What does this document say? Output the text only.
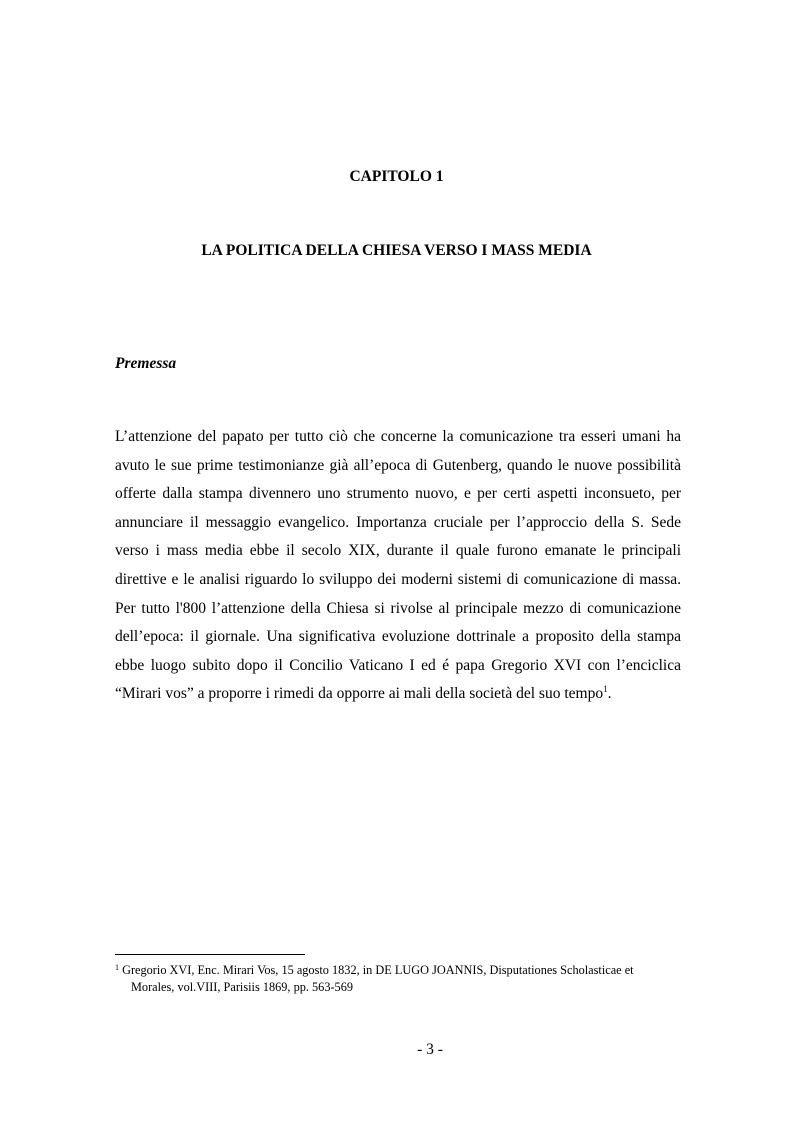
CAPITOLO 1
LA POLITICA DELLA CHIESA VERSO I MASS MEDIA
Premessa

L’attenzione del papato per tutto ciò che concerne la comunicazione tra esseri umani ha avuto le sue prime testimonianze già all’epoca di Gutenberg, quando le nuove possibilità offerte dalla stampa divennero uno strumento nuovo, e per certi aspetti inconsueto, per annunciare il messaggio evangelico. Importanza cruciale per l’approccio della S. Sede verso i mass media ebbe il secolo XIX, durante il quale furono emanate le principali direttive e le analisi riguardo lo sviluppo dei moderni sistemi di comunicazione di massa. Per tutto l'800 l’attenzione della Chiesa si rivolse al principale mezzo di comunicazione dell’epoca: il giornale. Una significativa evoluzione dottrinale a proposito della stampa ebbe luogo subito dopo il Concilio Vaticano I ed é papa Gregorio XVI con l’enciclica “Mirari vos” a proporre i rimedi da opporre ai mali della società del suo tempo$^1$.

$^1$ Gregorio XVI, Enc. Mirari Vos, 15 agosto 1832, in DE LUGO JOANNIS, Disputationes Scholasticae et
Morales, vol.VIII, Parisiis 1869, pp. 563-569

- 3 -
